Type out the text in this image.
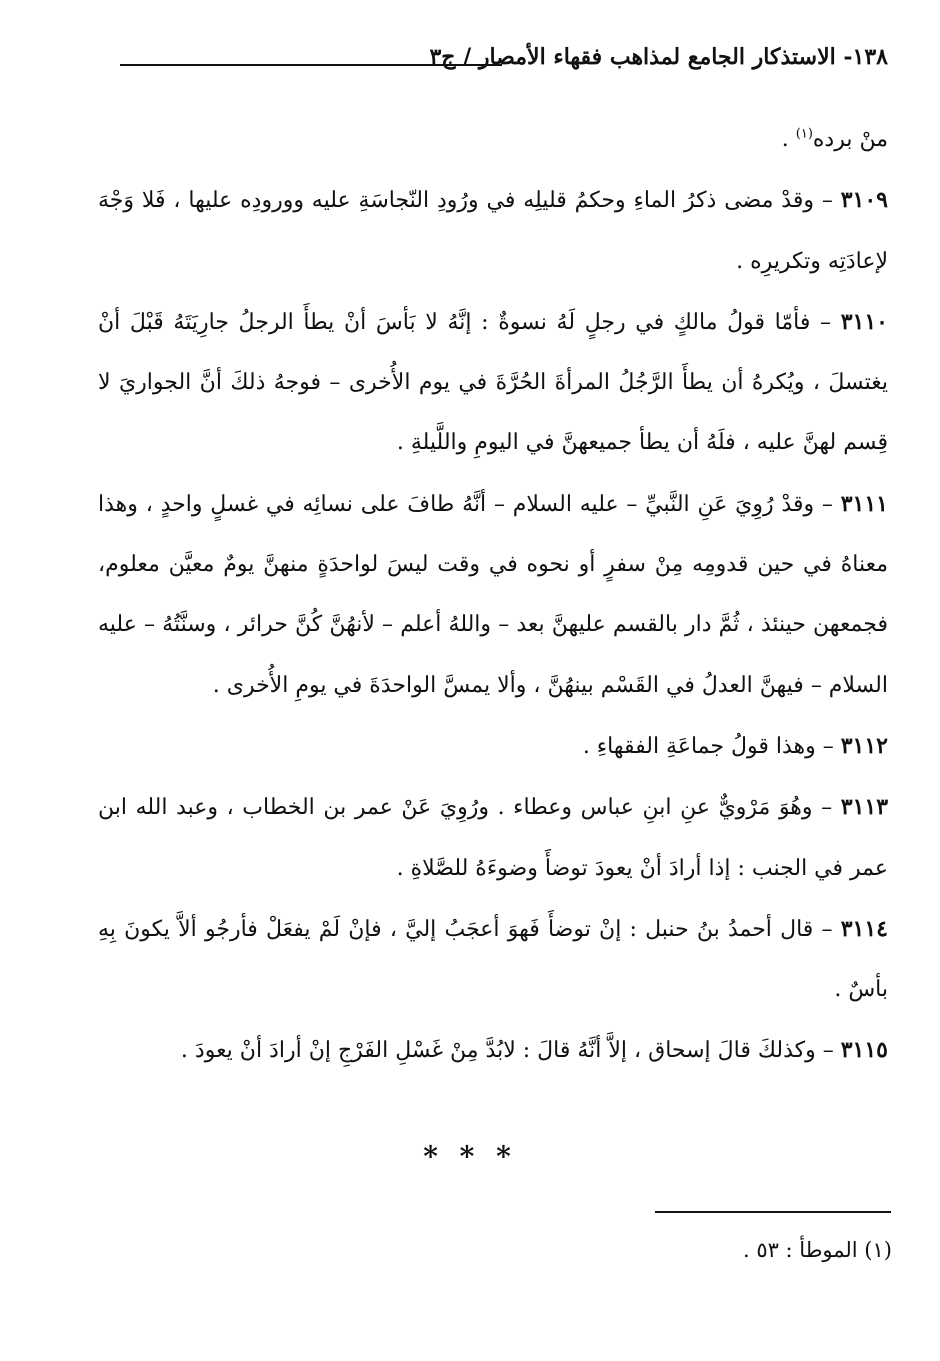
١٣٨- الاستذكار الجامع لمذاهب فقهاء الأمصار / ج٣

منْ برده$^{(١)}$ .

٣١٠٩ – وقدْ مضى ذكرُ الماءِ وحكمُ قليلِه في ورُودِ النّجاسَةِ عليه وورودِه عليها ، فَلا وَجْهَ لإعادَتِه وتكريرِه .

٣١١٠ – فأمّا قولُ مالكٍ في رجلٍ لَهُ نسوةٌ : إنَّهُ لا بَأسَ أنْ يطأَ الرجلُ جارِيَتَهُ قَبْلَ أنْ يغتسلَ ، ويُكرهُ أن يطأَ الرَّجُلُ المرأةَ الحُرَّةَ في يوم الأُخرى – فوجهُ ذلكَ أنَّ الجواريَ لا قِسم لهنَّ عليه ، فلَهُ أن يطأ جميعهنَّ في اليومِ واللَّيلةِ .

٣١١١ – وقدْ رُوِيَ عَنِ النَّبيِّ – عليه السلام – أنَّهُ طافَ على نسائِه في غسلٍ واحدٍ ، وهذا معناهُ في حين قدومِه مِنْ سفرٍ أو نحوه في وقت ليسَ لواحدَةٍ منهنَّ يومٌ معيَّن معلوم، فجمعهن حينئذ ، ثُمَّ دار بالقسم عليهنَّ بعد – واللهُ أعلم – لأنهُنَّ كُنَّ حرائر ، وسنَّتُهُ – عليه السلام – فيهنَّ العدلُ في القَسْم بينهُنَّ ، وألا يمسَّ الواحدَةَ في يومِ الأُخرى .

٣١١٢ – وهذا قولُ جماعَةِ الفقهاءِ .

٣١١٣ – وهُوَ مَرْويٌّ عنِ ابنِ عباس وعطاء . ورُوِيَ عَنْ عمر بن الخطاب ، وعبد الله ابن عمر في الجنب : إذا أرادَ أنْ يعودَ توضأَ وضوءَهُ للصَّلاةِ .

٣١١٤ – قال أحمدُ بنُ حنبل : إنْ توضأَ فَهوَ أعجَبُ إليَّ ، فإنْ لَمْ يفعَلْ فأرجُو ألاَّ يكونَ بِهِ بأسٌ .

٣١١٥ – وكذلكَ قالَ إسحاق ، إلاَّ أنَّهُ قالَ : لابُدَّ مِنْ غَسْلِ الفَرْجِ إنْ أرادَ أنْ يعودَ .

* * *
(١) الموطأ : ٥٣ .
